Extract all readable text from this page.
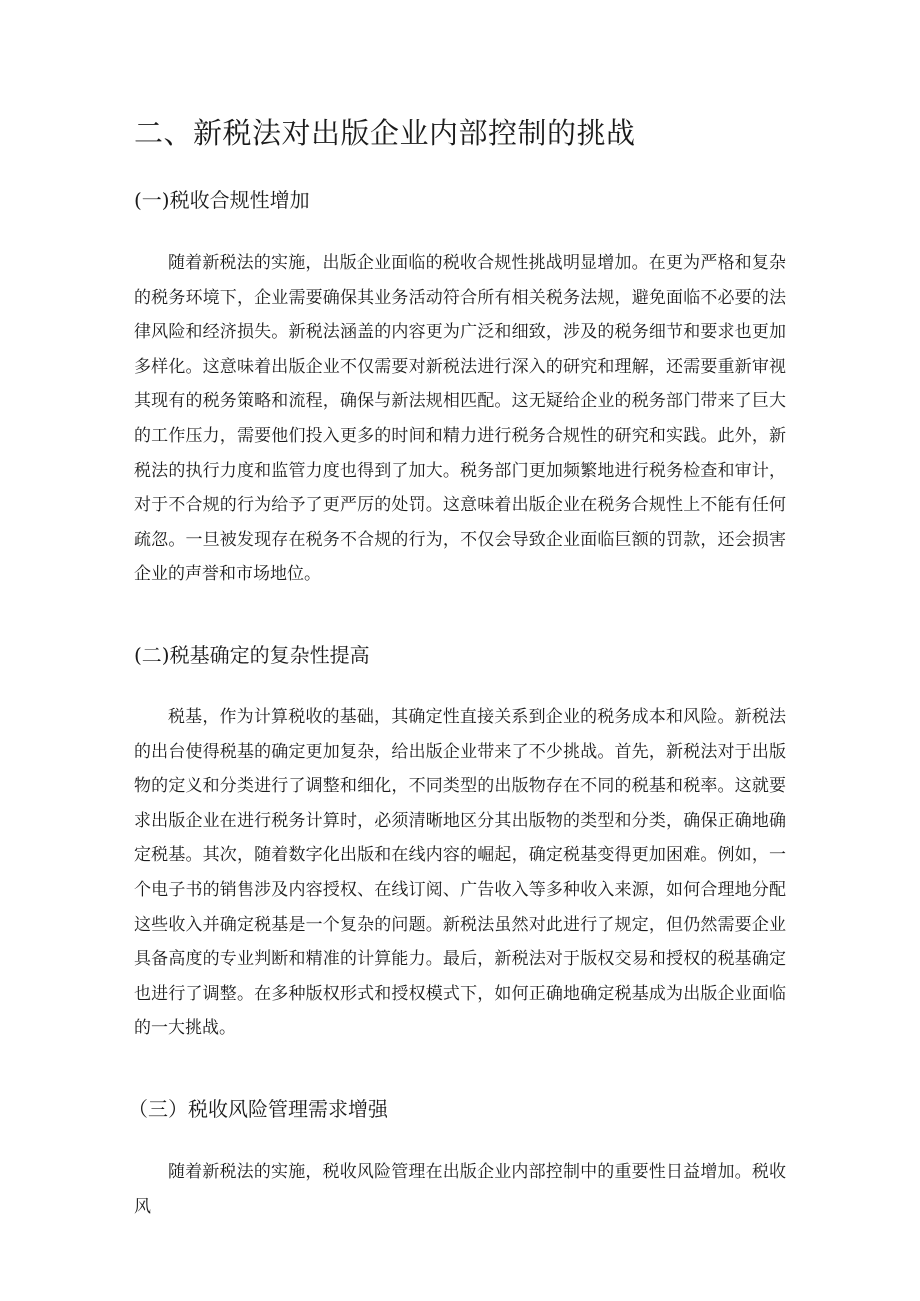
二、新税法对出版企业内部控制的挑战
(一)税收合规性增加

随着新税法的实施，出版企业面临的税收合规性挑战明显增加。在更为严格和复杂的税务环境下，企业需要确保其业务活动符合所有相关税务法规，避免面临不必要的法律风险和经济损失。新税法涵盖的内容更为广泛和细致，涉及的税务细节和要求也更加多样化。这意味着出版企业不仅需要对新税法进行深入的研究和理解，还需要重新审视其现有的税务策略和流程，确保与新法规相匹配。这无疑给企业的税务部门带来了巨大的工作压力，需要他们投入更多的时间和精力进行税务合规性的研究和实践。此外，新税法的执行力度和监管力度也得到了加大。税务部门更加频繁地进行税务检查和审计，对于不合规的行为给予了更严厉的处罚。这意味着出版企业在税务合规性上不能有任何疏忽。一旦被发现存在税务不合规的行为，不仅会导致企业面临巨额的罚款，还会损害企业的声誉和市场地位。

(二)税基确定的复杂性提高

税基，作为计算税收的基础，其确定性直接关系到企业的税务成本和风险。新税法的出台使得税基的确定更加复杂，给出版企业带来了不少挑战。首先，新税法对于出版物的定义和分类进行了调整和细化，不同类型的出版物存在不同的税基和税率。这就要求出版企业在进行税务计算时，必须清晰地区分其出版物的类型和分类，确保正确地确定税基。其次，随着数字化出版和在线内容的崛起，确定税基变得更加困难。例如，一个电子书的销售涉及内容授权、在线订阅、广告收入等多种收入来源，如何合理地分配这些收入并确定税基是一个复杂的问题。新税法虽然对此进行了规定，但仍然需要企业具备高度的专业判断和精准的计算能力。最后，新税法对于版权交易和授权的税基确定也进行了调整。在多种版权形式和授权模式下，如何正确地确定税基成为出版企业面临的一大挑战。

（三）税收风险管理需求增强

随着新税法的实施，税收风险管理在出版企业内部控制中的重要性日益增加。税收风
